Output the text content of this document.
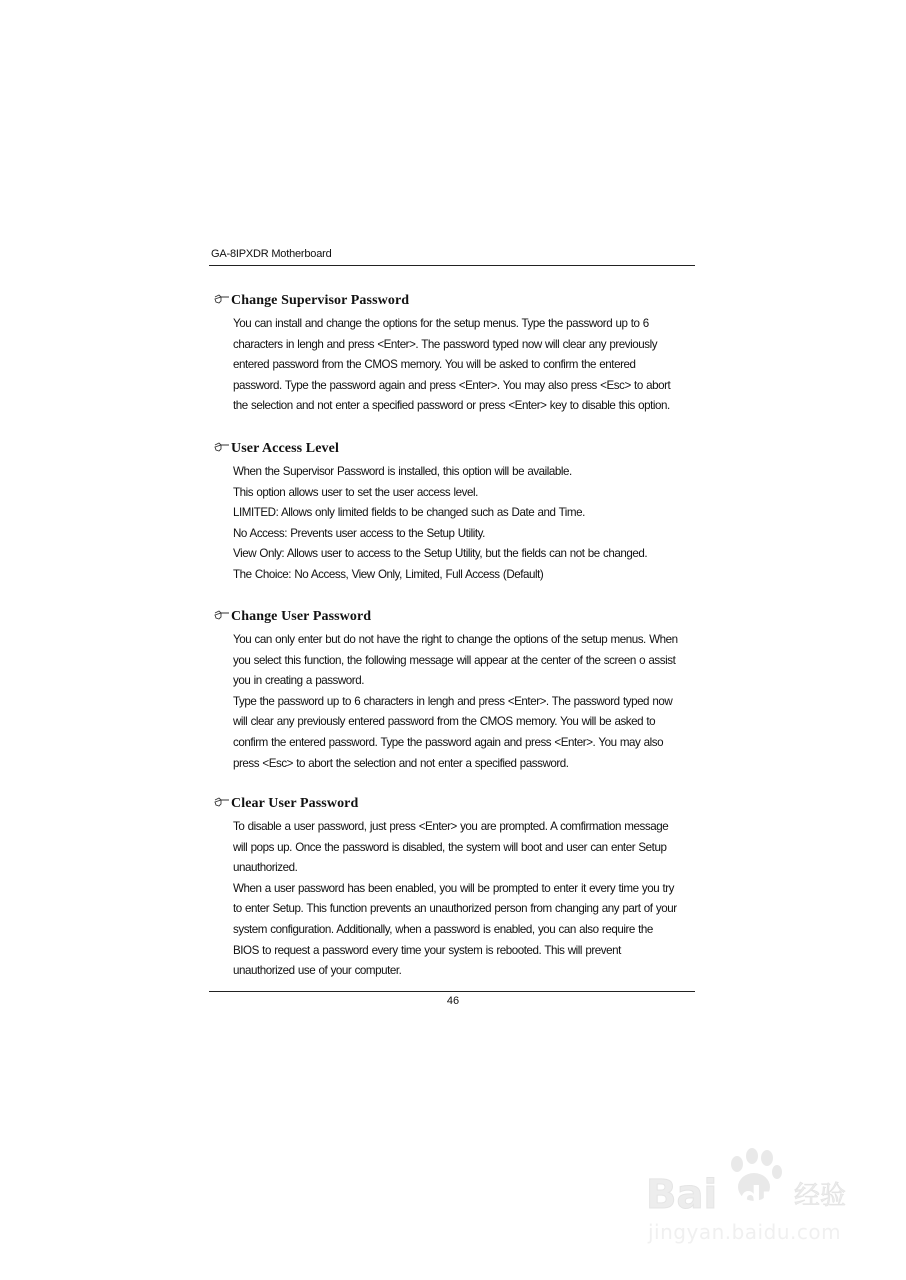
GA-8IPXDR Motherboard
Change Supervisor Password
You can install and change the options for the setup menus. Type the password up to 6
characters in lengh and press <Enter>. The password typed now will clear any previously
entered password from the CMOS memory. You will be asked to confirm the entered
password. Type the password again and press <Enter>. You may also press <Esc> to abort
the selection and not enter a specified password or press <Enter> key to disable this option.
User Access Level
When the Supervisor Password is installed, this option will be available.
This option allows user to set the user access level.
LIMITED: Allows only limited fields to be changed such as Date and Time.
No Access: Prevents user access to the Setup Utility.
View Only: Allows user to access to the Setup Utility, but the fields can not be changed.
The Choice: No Access, View Only, Limited, Full Access (Default)
Change User Password
You can only enter but do not have the right to change the options of the setup menus. When
you select this function, the following message will appear at the center of the screen o assist
you in creating a password.
Type the password up to 6 characters in lengh and press <Enter>. The password typed now
will clear any previously entered password from the CMOS memory. You will be asked to
confirm the entered password. Type the password again and press <Enter>. You may also
press <Esc> to abort the selection and not enter a specified password.
Clear User Password
To disable a user password, just press <Enter> you are prompted. A comfirmation message
will pops up. Once the password is disabled, the system will boot and user can enter Setup
unauthorized.
When a user password has been enabled, you will be prompted to enter it every time you try
to enter Setup. This function prevents an unauthorized person from changing any part of your
system configuration. Additionally, when a password is enabled, you can also require the
BIOS to request a password every time your system is rebooted. This will prevent
unauthorized use of your computer.
46
Bai du 经验
jingyan.baidu.com
